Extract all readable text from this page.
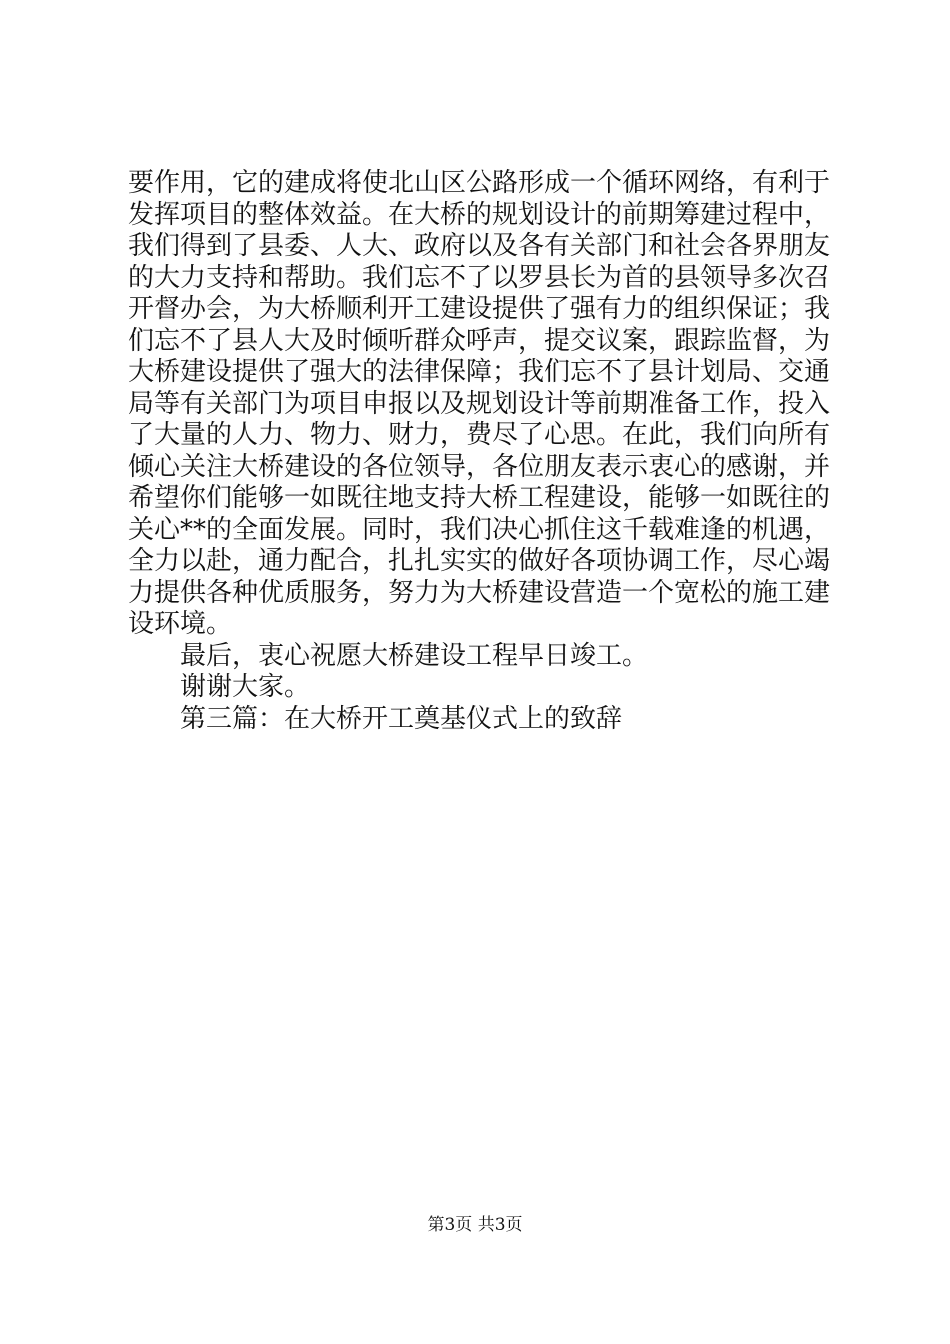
要作用，它的建成将使北山区公路形成一个循环网络，有利于
发挥项目的整体效益。在大桥的规划设计的前期筹建过程中，
我们得到了县委、人大、政府以及各有关部门和社会各界朋友
的大力支持和帮助。我们忘不了以罗县长为首的县领导多次召
开督办会，为大桥顺利开工建设提供了强有力的组织保证；我
们忘不了县人大及时倾听群众呼声，提交议案，跟踪监督，为
大桥建设提供了强大的法律保障；我们忘不了县计划局、交通
局等有关部门为项目申报以及规划设计等前期准备工作，投入
了大量的人力、物力、财力，费尽了心思。在此，我们向所有
倾心关注大桥建设的各位领导，各位朋友表示衷心的感谢，并
希望你们能够一如既往地支持大桥工程建设，能够一如既往的
关心**的全面发展。同时，我们决心抓住这千载难逢的机遇，
全力以赴，通力配合，扎扎实实的做好各项协调工作，尽心竭
力提供各种优质服务，努力为大桥建设营造一个宽松的施工建
设环境。
最后，衷心祝愿大桥建设工程早日竣工。
谢谢大家。
第三篇：在大桥开工奠基仪式上的致辞
第3页 共3页
